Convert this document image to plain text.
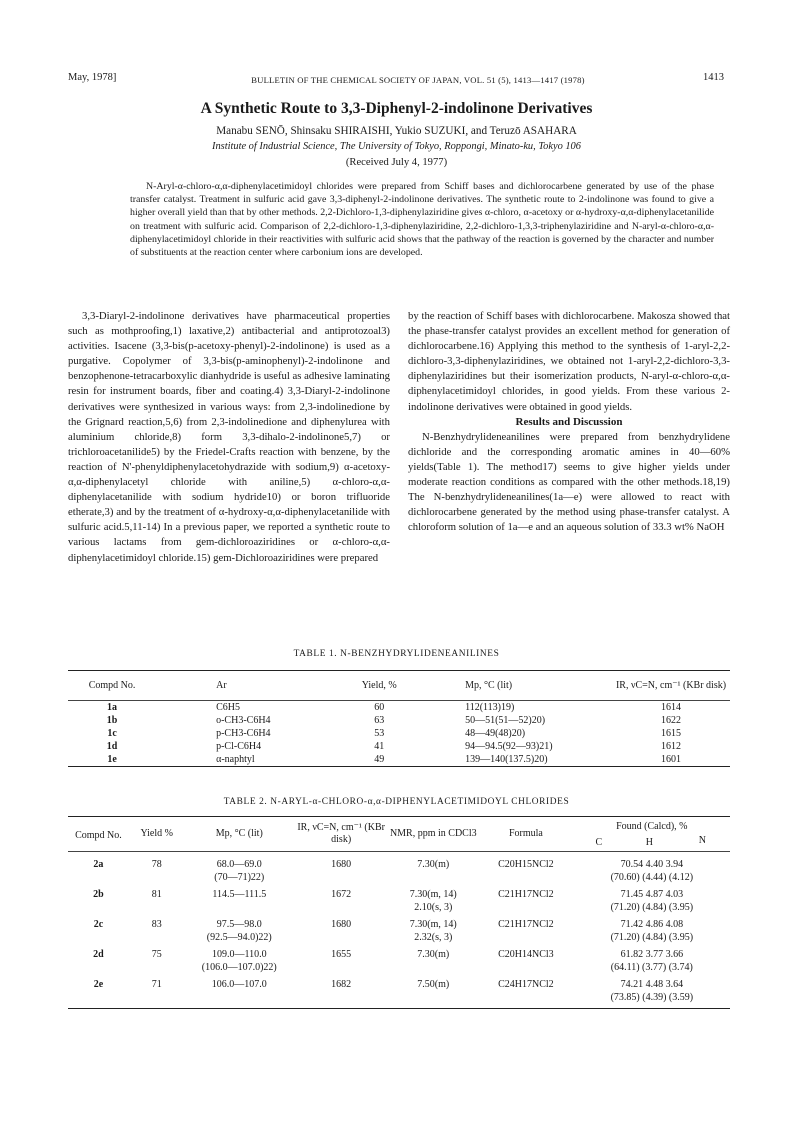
May, 1978]	BULLETIN OF THE CHEMICAL SOCIETY OF JAPAN, VOL. 51 (5), 1413—1417 (1978)	1413
A Synthetic Route to 3,3-Diphenyl-2-indolinone Derivatives
Manabu SENŌ, Shinsaku SHIRAISHI, Yukio SUZUKI, and Teruzō ASAHARA
Institute of Industrial Science, The University of Tokyo, Roppongi, Minato-ku, Tokyo 106
(Received July 4, 1977)
N-Aryl-α-chloro-α,α-diphenylacetimidoyl chlorides were prepared from Schiff bases and dichlorocarbene generated by use of the phase transfer catalyst. Treatment in sulfuric acid gave 3,3-diphenyl-2-indolinone derivatives. The synthetic route to 2-indolinone was found to give a higher overall yield than that by other methods. 2,2-Dichloro-1,3-diphenylaziridine gives α-chloro, α-acetoxy or α-hydroxy-α,α-diphenylacetanilide on treatment with sulfuric acid. Comparison of 2,2-dichloro-1,3-diphenylaziridine, 2,2-dichloro-1,3,3-triphenylaziridine and N-aryl-α-chloro-α,α-diphenylacetimidoyl chloride in their reactivities with sulfuric acid shows that the pathway of the reaction is governed by the character and number of substituents at the reaction center where carbonium ions are developed.

3,3-Diaryl-2-indolinone derivatives have pharmaceutical properties such as mothproofing,1) laxative,2) antibacterial and antiprotozoal3) activities. Isacene (3,3-bis(p-acetoxy-phenyl)-2-indolinone) is used as a purgative. Copolymer of 3,3-bis(p-aminophenyl)-2-indolinone and benzophenone-tetracarboxylic dianhydride is useful as adhesive laminating resin for instrument boards, fiber and coating.4) 3,3-Diaryl-2-indolinone derivatives were synthesized in various ways: from 2,3-indolinedione by the Grignard reaction,5,6) from 2,3-indolinedione and diphenylurea with aluminium chloride,8) form 3,3-dihalo-2-indolinone5,7) or trichloroacetanilide5) by the Friedel-Crafts reaction with benzene, by the reaction of N'-phenyldiphenylacetohydrazide with sodium,9) α-acetoxy-α,α-diphenylacetyl chloride with aniline,5) α-chloro-α,α-diphenylacetanilide with sodium hydride10) or boron trifluoride etherate,3) and by the treatment of α-hydroxy-α,α-diphenylacetanilide with sulfuric acid.5,11-14) In a previous paper, we reported a synthetic route to various lactams from gem-dichloroaziridines or α-chloro-α,α-diphenylacetimidoyl chloride.15) gem-Dichloroaziridines were prepared

by the reaction of Schiff bases with dichlorocarbene. Makosza showed that the phase-transfer catalyst provides an excellent method for generation of dichlorocarbene.16) Applying this method to the synthesis of 1-aryl-2,2-dichloro-3,3-diphenylaziridines, we obtained not 1-aryl-2,2-dichloro-3,3-diphenylaziridines but their isomerization products, N-aryl-α-chloro-α,α-diphenylacetimidoyl chlorides, in good yields. From these various 2-indolinone derivatives were obtained in good yields.

Results and Discussion

N-Benzhydrylideneanilines were prepared from benzhydrylidene dichloride and the corresponding aromatic amines in 40—60% yields(Table 1). The method17) seems to give higher yields under moderate reaction conditions as compared with the other methods.18,19) The N-benzhydrylideneanilines(1a—e) were allowed to react with dichlorocarbene generated by the method using phase-transfer catalyst. A chloroform solution of 1a—e and an aqueous solution of 33.3 wt% NaOH

TABLE 1. N-BENZHYDRYLIDENEANILINES
Compd No.	Ar	Yield, %	Mp, °C (lit)	IR, νC=N, cm⁻¹ (KBr disk)
1a	C6H5	60	112(113)19)	1614
1b	o-CH3-C6H4	63	50—51(51—52)20)	1622
1c	p-CH3-C6H4	53	48—49(48)20)	1615
1d	p-Cl-C6H4	41	94—94.5(92—93)21)	1612
1e	α-naphtyl	49	139—140(137.5)20)	1601
TABLE 2. N-ARYL-α-CHLORO-α,α-DIPHENYLACETIMIDOYL CHLORIDES
Compd No.	Yield %	Mp, °C (lit)	IR, νC=N, cm⁻¹ (KBr disk)	NMR, ppm in CDCl3	Formula	Found (Calcd), %		
						C	H	N

2a	78	68.0—69.0	1680	7.30(m)	C20H15NCl2	70.54 4.40 3.94		
		(70—71)22)				(70.60) (4.44) (4.12)		
2b	81	114.5—111.5	1672	7.30(m, 14)	C21H17NCl2	71.45 4.87 4.03		
				2.10(s, 3)		(71.20) (4.84) (3.95)		
2c	83	97.5—98.0	1680	7.30(m, 14)	C21H17NCl2	71.42 4.86 4.08		
		(92.5—94.0)22)		2.32(s, 3)		(71.20) (4.84) (3.95)		
2d	75	109.0—110.0	1655	7.30(m)	C20H14NCl3	61.82 3.77 3.66		
		(106.0—107.0)22)				(64.11) (3.77) (3.74)		
2e	71	106.0—107.0	1682	7.50(m)	C24H17NCl2	74.21 4.48 3.64		
						(73.85) (4.39) (3.59)		
